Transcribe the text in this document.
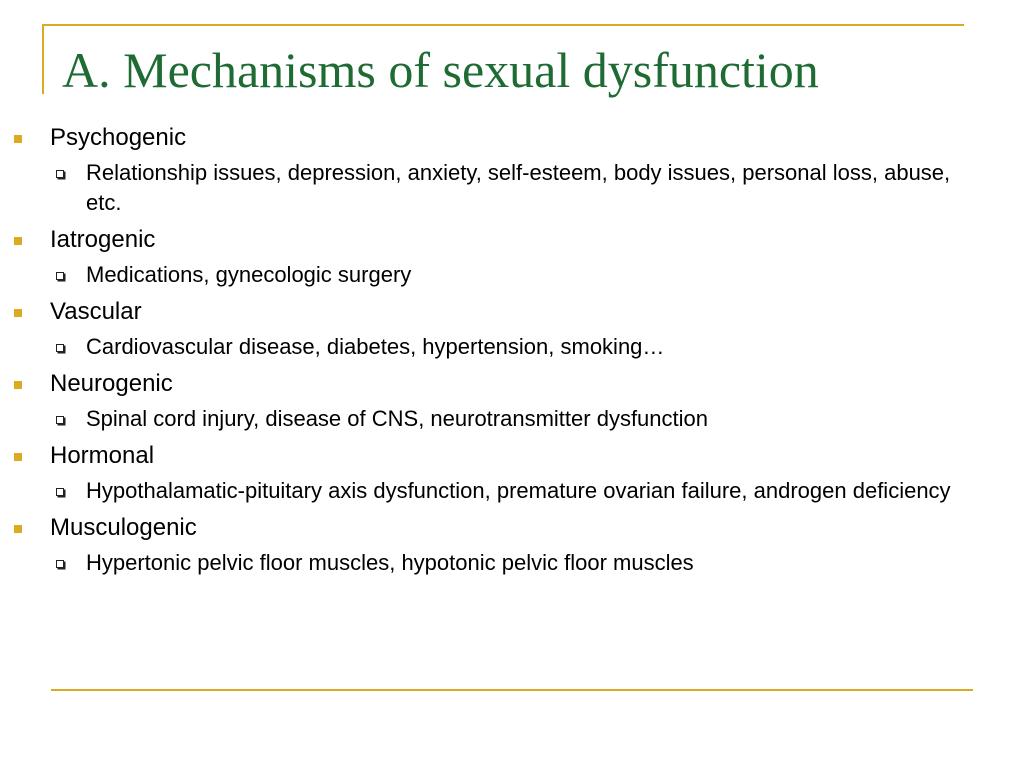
A. Mechanisms of sexual dysfunction
Psychogenic
Relationship issues, depression, anxiety, self-esteem, body issues, personal loss, abuse, etc.
Iatrogenic
Medications, gynecologic surgery
Vascular
Cardiovascular disease, diabetes, hypertension, smoking…
Neurogenic
Spinal cord injury, disease of CNS, neurotransmitter dysfunction
Hormonal
Hypothalamatic-pituitary axis dysfunction, premature ovarian failure, androgen deficiency
Musculogenic
Hypertonic pelvic floor muscles, hypotonic pelvic floor muscles
